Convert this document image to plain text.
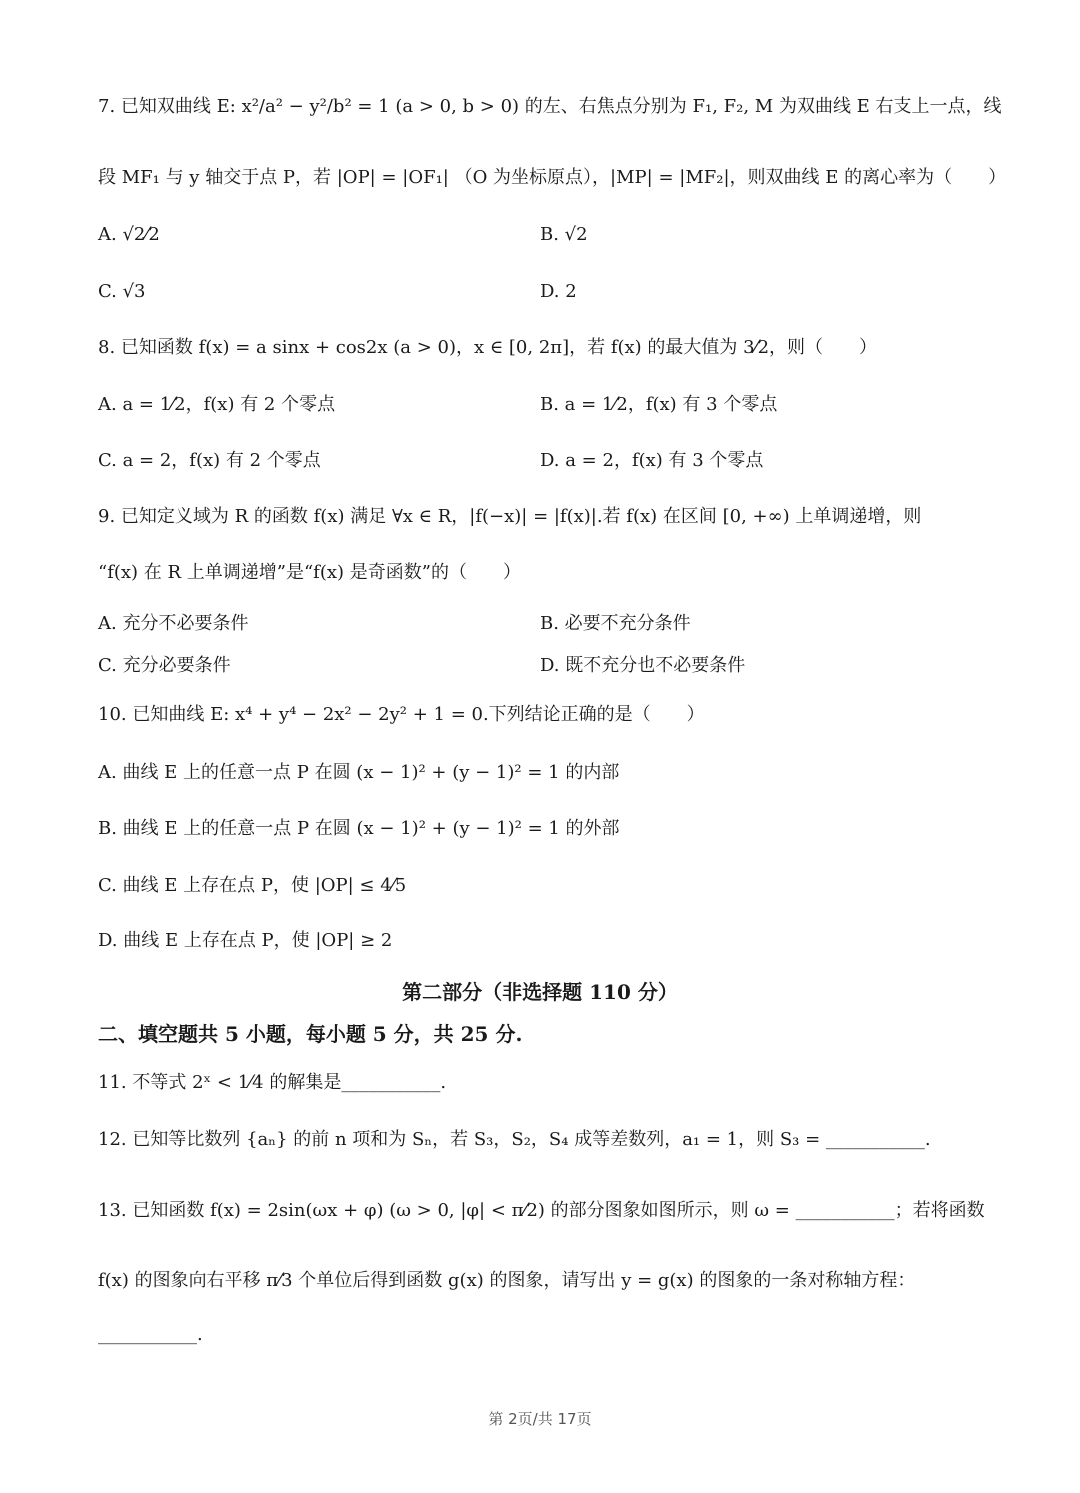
7. 已知双曲线 E: x²/a² − y²/b² = 1 (a > 0, b > 0) 的左、右焦点分别为 F₁, F₂, M 为双曲线 E 右支上一点，线
段 MF₁ 与 y 轴交于点 P，若 |OP| = |OF₁| （O 为坐标原点），|MP| = |MF₂|，则双曲线 E 的离心率为（　　）
A. √2⁄2	B. √2
C. √3	D. 2
8. 已知函数 f(x) = a sinx + cos2x (a > 0)，x ∈ [0, 2π]，若 f(x) 的最大值为 3⁄2，则（　　）
A. a = 1⁄2，f(x) 有 2 个零点	B. a = 1⁄2，f(x) 有 3 个零点
C. a = 2，f(x) 有 2 个零点	D. a = 2，f(x) 有 3 个零点
9. 已知定义域为 R 的函数 f(x) 满足 ∀x ∈ R，|f(−x)| = |f(x)|.若 f(x) 在区间 [0, +∞) 上单调递增，则
“f(x) 在 R 上单调递增”是“f(x) 是奇函数”的（　　）
A. 充分不必要条件	B. 必要不充分条件
C. 充分必要条件	D. 既不充分也不必要条件
10. 已知曲线 E: x⁴ + y⁴ − 2x² − 2y² + 1 = 0.下列结论正确的是（　　）
A. 曲线 E 上的任意一点 P 在圆 (x − 1)² + (y − 1)² = 1 的内部
B. 曲线 E 上的任意一点 P 在圆 (x − 1)² + (y − 1)² = 1 的外部
C. 曲线 E 上存在点 P，使 |OP| ≤ 4⁄5
D. 曲线 E 上存在点 P，使 |OP| ≥ 2
第二部分（非选择题 110 分）
二、填空题共 5 小题，每小题 5 分，共 25 分.
11. 不等式 2ˣ < 1⁄4 的解集是___________.
12. 已知等比数列 {aₙ} 的前 n 项和为 Sₙ，若 S₃，S₂，S₄ 成等差数列，a₁ = 1，则 S₃ = ___________.
13. 已知函数 f(x) = 2sin(ωx + φ) (ω > 0, |φ| < π⁄2) 的部分图象如图所示，则 ω = ___________；若将函数
f(x) 的图象向右平移 π⁄3 个单位后得到函数 g(x) 的图象，请写出 y = g(x) 的图象的一条对称轴方程：
___________.
第 2页/共 17页
